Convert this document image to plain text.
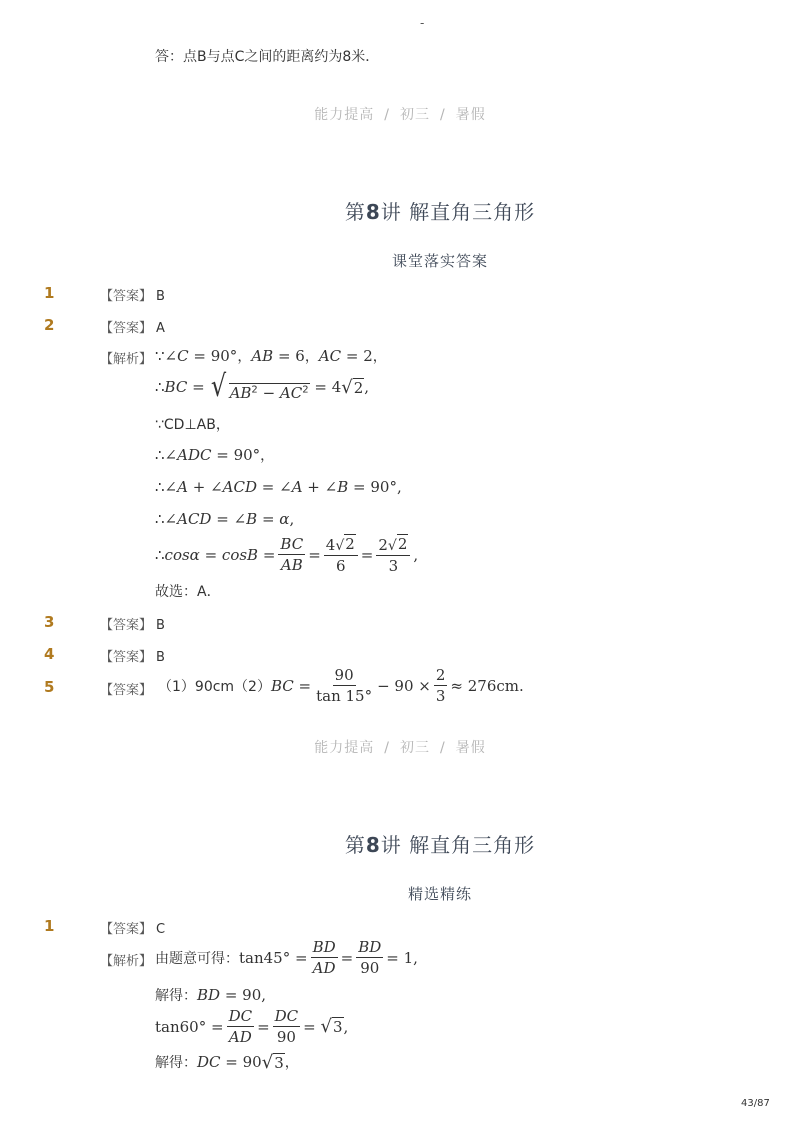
-
答：点B与点C之间的距离约为8米．
能力提高 / 初三 / 暑假
第8讲 解直角三角形
课堂落实答案
1	【答案】 B
2	【答案】 A
【解析】 ∵∠ C = 90° ， AB = 6 ， AC = 2 ，
∴ BC = √ $AB^2 - AC^2 = 4$ √ 2 ,
∵CD⊥AB，
∴∠ ADC = 90° ，
∴∠ A + ∠ ACD = ∠ A + ∠ B = 90°,
∴∠ ACD = ∠ B = α ,
∴ $\cos\alpha = \cos B = \frac{BC}{AB} = \frac{4 √ 2}{6} = \frac{2 √ 2}{3}$ ,
故选：A．
3	【答案】 B
4	【答案】 B
5	【答案】 （1）90cm（2） BC = $\frac{90}{\tan 15^\circ} - 90 \times \frac{2}{3} \approx 276cm$.
能力提高 / 初三 / 暑假
第8讲 解直角三角形
精选精练
1	【答案】 C
【解析】 由题意可得： $\tan 45^\circ = \frac{BD}{AD} = \frac{BD}{90} = 1$,
解得： BD = 90,
$\tan 60^\circ = \frac{DC}{AD} = \frac{DC}{90}$ = √ 3 ,
解得： DC = 90 √ 3 ，
43/87
